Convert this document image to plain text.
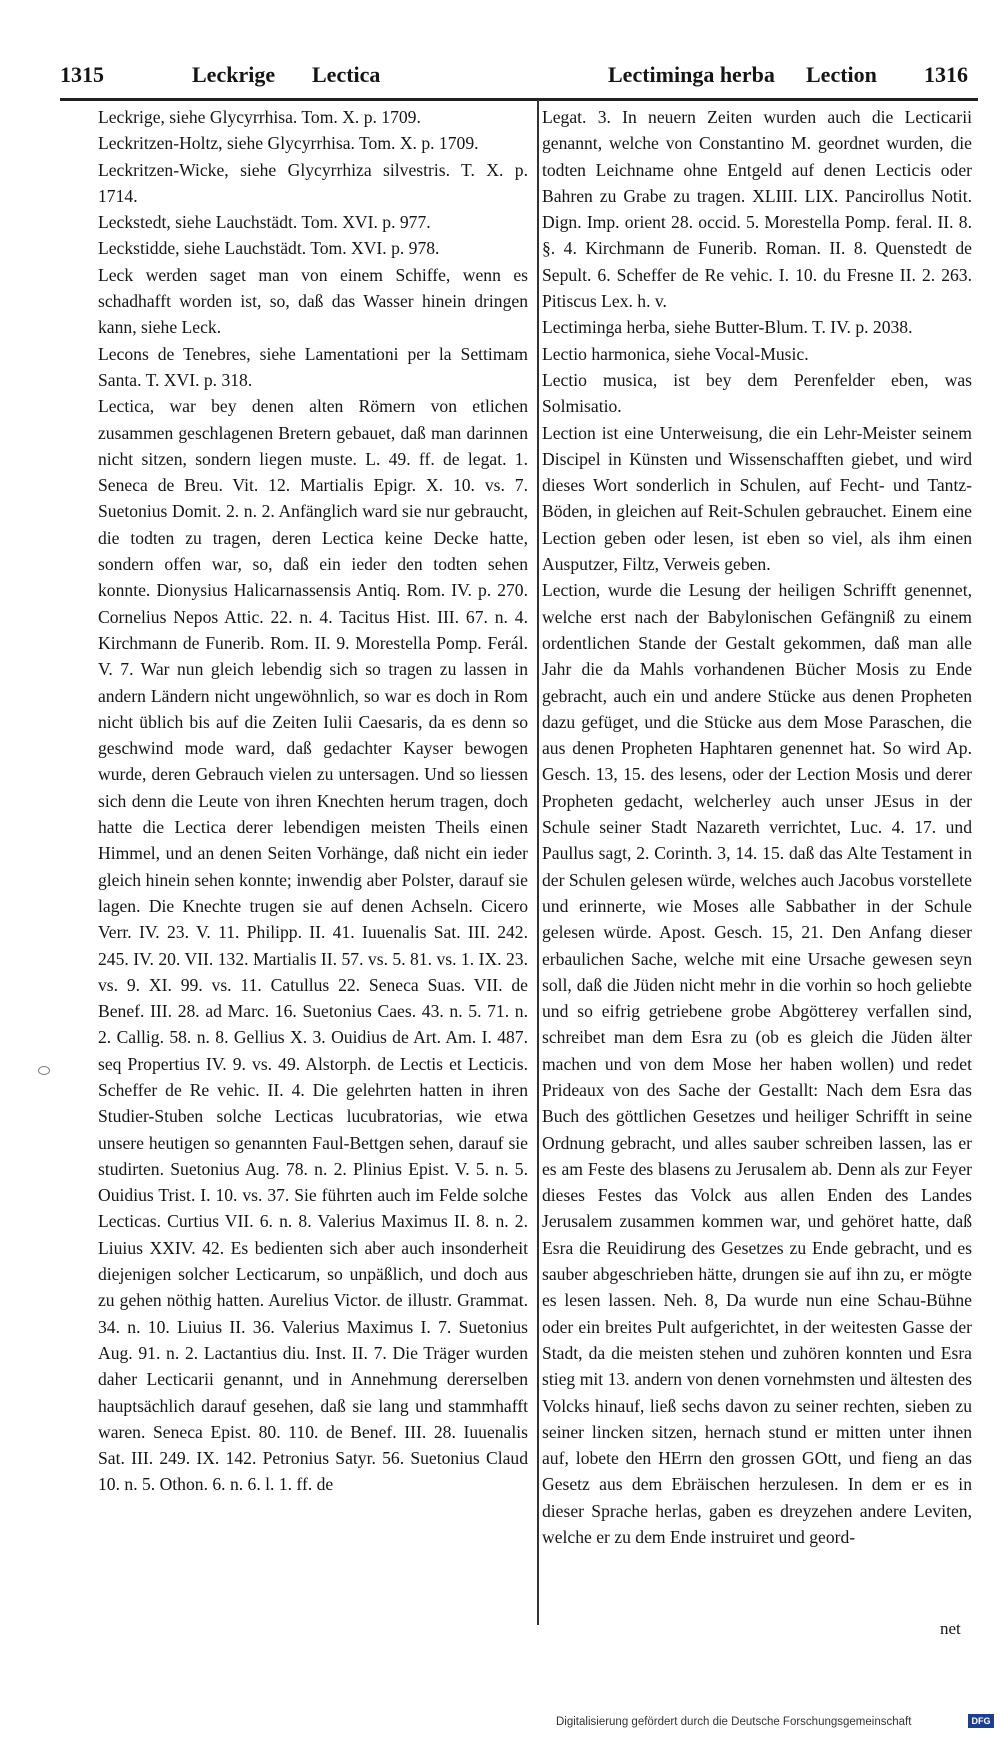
1315	Leckrige Lectica	Lectiminga herba Lection 1316
Leckrige, siehe Glycyrrhisa. Tom. X. p. 1709.
Leckritzen-Holtz, siehe Glycyrrhisa. Tom. X. p. 1709.
Leckritzen-Wicke, siehe Glycyrrhiza silvestris. T. X. p. 1714.
Leckstedt, siehe Lauchstädt. Tom. XVI. p. 977.
Leckstidde, siehe Lauchstädt. Tom. XVI. p. 978.
Leck werden saget man von einem Schiffe, wenn es schadhafft worden ist, so, daß das Wasser hinein dringen kann, siehe Leck.
Lecons de Tenebres, siehe Lamentationi per la Settimam Santa. T. XVI. p. 318.
Lectica, war bey denen alten Römern von etlichen zusammen geschlagenen Bretern gebauet, daß man darinnen nicht sitzen, sondern liegen muste. L. 49. ff. de legat. 1. Seneca de Breu. Vit. 12. Martialis Epigr. X. 10. vs. 7. Suetonius Domit. 2. n. 2. Anfänglich ward sie nur gebraucht, die todten zu tragen, deren Lectica keine Decke hatte, sondern offen war, so, daß ein ieder den todten sehen konnte. Dionysius Halicarnassensis Antiq. Rom. IV. p. 270. Cornelius Nepos Attic. 22. n. 4. Tacitus Hist. III. 67. n. 4. Kirchmann de Funerib. Rom. II. 9. Morestella Pomp. Ferál. V. 7. War nun gleich lebendig sich so tragen zu lassen in andern Ländern nicht ungewöhnlich, so war es doch in Rom nicht üblich bis auf die Zeiten Iulii Caesaris, da es denn so geschwind mode ward, daß gedachter Kayser bewogen wurde, deren Gebrauch vielen zu untersagen. Und so liessen sich denn die Leute von ihren Knechten herum tragen, doch hatte die Lectica derer lebendigen meisten Theils einen Himmel, und an denen Seiten Vorhänge, daß nicht ein ieder gleich hinein sehen konnte; inwendig aber Polster, darauf sie lagen. Die Knechte trugen sie auf denen Achseln. Cicero Verr. IV. 23. V. 11. Philipp. II. 41. Iuuenalis Sat. III. 242. 245. IV. 20. VII. 132. Martialis II. 57. vs. 5. 81. vs. 1. IX. 23. vs. 9. XI. 99. vs. 11. Catullus 22. Seneca Suas. VII. de Benef. III. 28. ad Marc. 16. Suetonius Caes. 43. n. 5. 71. n. 2. Callig. 58. n. 8. Gellius X. 3. Ouidius de Art. Am. I. 487. seq Propertius IV. 9. vs. 49. Alstorph. de Lectis et Lecticis. Scheffer de Re vehic. II. 4. Die gelehrten hatten in ihren Studier-Stuben solche Lecticas lucubratorias, wie etwa unsere heutigen so genannten Faul-Bettgen sehen, darauf sie studirten. Suetonius Aug. 78. n. 2. Plinius Epist. V. 5. n. 5. Ouidius Trist. I. 10. vs. 37. Sie führten auch im Felde solche Lecticas. Curtius VII. 6. n. 8. Valerius Maximus II. 8. n. 2. Liuius XXIV. 42. Es bedienten sich aber auch insonderheit diejenigen solcher Lecticarum, so unpäßlich, und doch aus zu gehen nöthig hatten. Aurelius Victor. de illustr. Grammat. 34. n. 10. Liuius II. 36. Valerius Maximus I. 7. Suetonius Aug. 91. n. 2. Lactantius diu. Inst. II. 7. Die Träger wurden daher Lecticarii genannt, und in Annehmung dererselben hauptsächlich darauf gesehen, daß sie lang und stammhafft waren. Seneca Epist. 80. 110. de Benef. III. 28. Iuuenalis Sat. III. 249. IX. 142. Petronius Satyr. 56. Suetonius Claud 10. n. 5. Othon. 6. n. 6. l. 1. ff. de
Legat. 3. In neuern Zeiten wurden auch die Lecticarii genannt, welche von Constantino M. geordnet wurden, die todten Leichname ohne Entgeld auf denen Lecticis oder Bahren zu Grabe zu tragen. XLIII. LIX. Pancirollus Notit. Dign. Imp. orient 28. occid. 5. Morestella Pomp. feral. II. 8. §. 4. Kirchmann de Funerib. Roman. II. 8. Quenstedt de Sepult. 6. Scheffer de Re vehic. I. 10. du Fresne II. 2. 263. Pitiscus Lex. h. v.
Lectiminga herba, siehe Butter-Blum. T. IV. p. 2038.
Lectio harmonica, siehe Vocal-Music.
Lectio musica, ist bey dem Perenfelder eben, was Solmisatio.
Lection ist eine Unterweisung, die ein Lehr-Meister seinem Discipel in Künsten und Wissenschafften giebet, und wird dieses Wort sonderlich in Schulen, auf Fecht- und Tantz-Böden, in gleichen auf Reit-Schulen gebrauchet. Einem eine Lection geben oder lesen, ist eben so viel, als ihm einen Ausputzer, Filtz, Verweis geben.
Lection, wurde die Lesung der heiligen Schrifft genennet, welche erst nach der Babylonischen Gefängniß zu einem ordentlichen Stande der Gestalt gekommen, daß man alle Jahr die da Mahls vorhandenen Bücher Mosis zu Ende gebracht, auch ein und andere Stücke aus denen Propheten dazu gefüget, und die Stücke aus dem Mose Paraschen, die aus denen Propheten Haphtaren genennet hat. So wird Ap. Gesch. 13, 15. des lesens, oder der Lection Mosis und derer Propheten gedacht, welcherley auch unser JEsus in der Schule seiner Stadt Nazareth verrichtet, Luc. 4. 17. und Paullus sagt, 2. Corinth. 3, 14. 15. daß das Alte Testament in der Schulen gelesen würde, welches auch Jacobus vorstellete und erinnerte, wie Moses alle Sabbather in der Schule gelesen würde. Apost. Gesch. 15, 21. Den Anfang dieser erbaulichen Sache, welche mit eine Ursache gewesen seyn soll, daß die Jüden nicht mehr in die vorhin so hoch geliebte und so eifrig getriebene grobe Abgötterey verfallen sind, schreibet man dem Esra zu (ob es gleich die Jüden älter machen und von dem Mose her haben wollen) und redet Prideaux von des Sache der Gestallt: Nach dem Esra das Buch des göttlichen Gesetzes und heiliger Schrifft in seine Ordnung gebracht, und alles sauber schreiben lassen, las er es am Feste des blasens zu Jerusalem ab. Denn als zur Feyer dieses Festes das Volck aus allen Enden des Landes Jerusalem zusammen kommen war, und gehöret hatte, daß Esra die Reuidirung des Gesetzes zu Ende gebracht, und es sauber abgeschrieben hätte, drungen sie auf ihn zu, er mögte es lesen lassen. Neh. 8, Da wurde nun eine Schau-Bühne oder ein breites Pult aufgerichtet, in der weitesten Gasse der Stadt, da die meisten stehen und zuhören konnten und Esra stieg mit 13. andern von denen vornehmsten und ältesten des Volcks hinauf, ließ sechs davon zu seiner rechten, sieben zu seiner lincken sitzen, hernach stund er mitten unter ihnen auf, lobete den HErrn den grossen GOtt, und fieng an das Gesetz aus dem Ebräischen herzulesen. In dem er es in dieser Sprache herlas, gaben es dreyzehen andere Leviten, welche er zu dem Ende instruiret und geord-
net
Digitalisierung gefördert durch die Deutsche Forschungsgemeinschaft	DFG
